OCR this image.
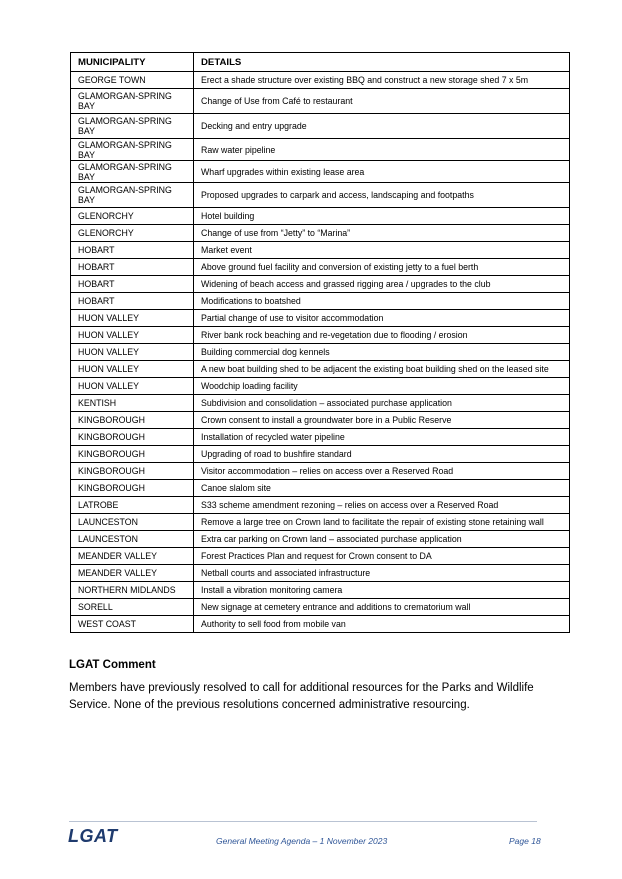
MUNICIPALITY	DETAILS
GEORGE TOWN	Erect a shade structure over existing BBQ and construct a new storage shed 7 x 5m
GLAMORGAN-SPRING BAY	Change of Use from Café to restaurant
GLAMORGAN-SPRING BAY	Decking and entry upgrade
GLAMORGAN-SPRING BAY	Raw water pipeline
GLAMORGAN-SPRING BAY	Wharf upgrades within existing lease area
GLAMORGAN-SPRING BAY	Proposed upgrades to carpark and access, landscaping and footpaths
GLENORCHY	Hotel building
GLENORCHY	Change of use from “Jetty” to “Marina”
HOBART	Market event
HOBART	Above ground fuel facility and conversion of existing jetty to a fuel berth
HOBART	Widening of beach access and grassed rigging area / upgrades to the club
HOBART	Modifications to boatshed
HUON VALLEY	Partial change of use to visitor accommodation
HUON VALLEY	River bank rock beaching and re-vegetation due to flooding / erosion
HUON VALLEY	Building commercial dog kennels
HUON VALLEY	A new boat building shed to be adjacent the existing boat building shed on the leased site
HUON VALLEY	Woodchip loading facility
KENTISH	Subdivision and consolidation – associated purchase application
KINGBOROUGH	Crown consent to install a groundwater bore in a Public Reserve
KINGBOROUGH	Installation of recycled water pipeline
KINGBOROUGH	Upgrading of road to bushfire standard
KINGBOROUGH	Visitor accommodation – relies on access over a Reserved Road
KINGBOROUGH	Canoe slalom site
LATROBE	S33 scheme amendment rezoning – relies on access over a Reserved Road
LAUNCESTON	Remove a large tree on Crown land to facilitate the repair of existing stone retaining wall
LAUNCESTON	Extra car parking on Crown land – associated purchase application
MEANDER VALLEY	Forest Practices Plan and request for Crown consent to DA
MEANDER VALLEY	Netball courts and associated infrastructure
NORTHERN MIDLANDS	Install a vibration monitoring camera
SORELL	New signage at cemetery entrance and additions to crematorium wall
WEST COAST	Authority to sell food from mobile van
LGAT Comment
Members have previously resolved to call for additional resources for the Parks and Wildlife Service. None of the previous resolutions concerned administrative resourcing.
LGAT	General Meeting Agenda – 1 November 2023	Page 18
